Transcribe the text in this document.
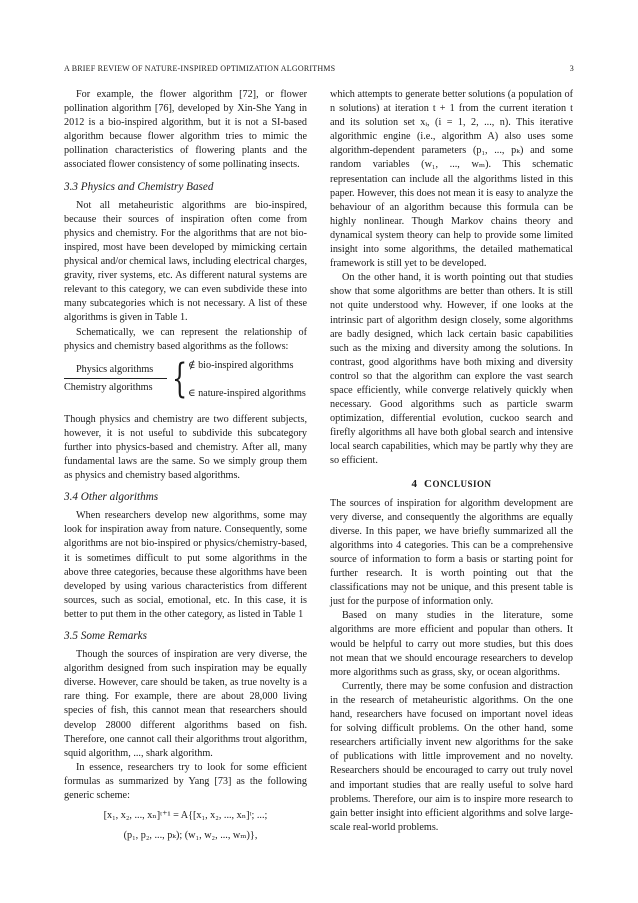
A BRIEF REVIEW OF NATURE-INSPIRED OPTIMIZATION ALGORITHMS	3

For example, the flower algorithm [72], or flower pollination algorithm [76], developed by Xin-She Yang in 2012 is a bio-inspired algorithm, but it is not a SI-based algorithm because flower algorithm tries to mimic the pollination characteristics of flowering plants and the associated flower consistency of some pollinating insects.

3.3 Physics and Chemistry Based

Not all metaheuristic algorithms are bio-inspired, because their sources of inspiration often come from physics and chemistry. For the algorithms that are not bio-inspired, most have been developed by mimicking certain physical and/or chemical laws, including electrical charges, gravity, river systems, etc. As different natural systems are relevant to this category, we can even subdivide these into many subcategories which is not necessary. A list of these algorithms is given in Table 1.

Schematically, we can represent the relationship of physics and chemistry based algorithms as the follows:

Physics algorithms
Chemistry algorithms { ∉ bio-inspired algorithms
∈ nature-inspired algorithms

Though physics and chemistry are two different subjects, however, it is not useful to subdivide this subcategory further into physics-based and chemistry. After all, many fundamental laws are the same. So we simply group them as physics and chemistry based algorithms.

3.4 Other algorithms

When researchers develop new algorithms, some may look for inspiration away from nature. Consequently, some algorithms are not bio-inspired or physics/chemistry-based, it is sometimes difficult to put some algorithms in the above three categories, because these algorithms have been developed by using various characteristics from different sources, such as social, emotional, etc. In this case, it is better to put them in the other category, as listed in Table 1

3.5 Some Remarks

Though the sources of inspiration are very diverse, the algorithm designed from such inspiration may be equally diverse. However, care should be taken, as true novelty is a rare thing. For example, there are about 28,000 living species of fish, this cannot mean that researchers should develop 28000 different algorithms based on fish. Therefore, one cannot call their algorithms trout algorithm, squid algorithm, ..., shark algorithm.

In essence, researchers try to look for some efficient formulas as summarized by Yang [73] as the following generic scheme:

[x₁, x₂, ..., xₙ]ᵗ⁺¹ = A{[x₁, x₂, ..., xₙ]ᵗ; ...;
(p₁, p₂, ..., pₖ); (w₁, w₂, ..., wₘ)},

which attempts to generate better solutions (a population of n solutions) at iteration t + 1 from the current iteration t and its solution set xᵢ, (i = 1, 2, ..., n). This iterative algorithmic engine (i.e., algorithm A) also uses some algorithm-dependent parameters (p₁, ..., pₖ) and some random variables (w₁, ..., wₘ). This schematic representation can include all the algorithms listed in this paper. However, this does not mean it is easy to analyze the behaviour of an algorithm because this formula can be highly nonlinear. Though Markov chains theory and dynamical system theory can help to provide some limited insight into some algorithms, the detailed mathematical framework is still yet to be developed.

On the other hand, it is worth pointing out that studies show that some algorithms are better than others. It is still not quite understood why. However, if one looks at the intrinsic part of algorithm design closely, some algorithms are badly designed, which lack certain basic capabilities such as the mixing and diversity among the solutions. In contrast, good algorithms have both mixing and diversity control so that the algorithm can explore the vast search space efficiently, while converge relatively quickly when necessary. Good algorithms such as particle swarm optimization, differential evolution, cuckoo search and firefly algorithms all have both global search and intensive local search capabilities, which may be partly why they are so efficient.

4 CONCLUSION

The sources of inspiration for algorithm development are very diverse, and consequently the algorithms are equally diverse. In this paper, we have briefly summarized all the algorithms into 4 categories. This can be a comprehensive source of information to form a basis or starting point for further research. It is worth pointing out that the classifications may not be unique, and this present table is just for the purpose of information only.

Based on many studies in the literature, some algorithms are more efficient and popular than others. It would be helpful to carry out more studies, but this does not mean that we should encourage researchers to develop more algorithms such as grass, sky, or ocean algorithms.

Currently, there may be some confusion and distraction in the research of metaheuristic algorithms. On the one hand, researchers have focused on important novel ideas for solving difficult problems. On the other hand, some researchers artificially invent new algorithms for the sake of publications with little improvement and no novelty. Researchers should be encouraged to carry out truly novel and important studies that are really useful to solve hard problems. Therefore, our aim is to inspire more research to gain better insight into efficient algorithms and solve large-scale real-world problems.
